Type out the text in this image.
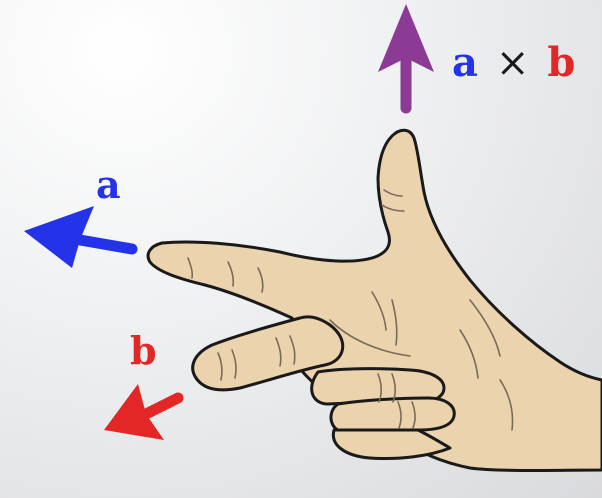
a × b
a
b
